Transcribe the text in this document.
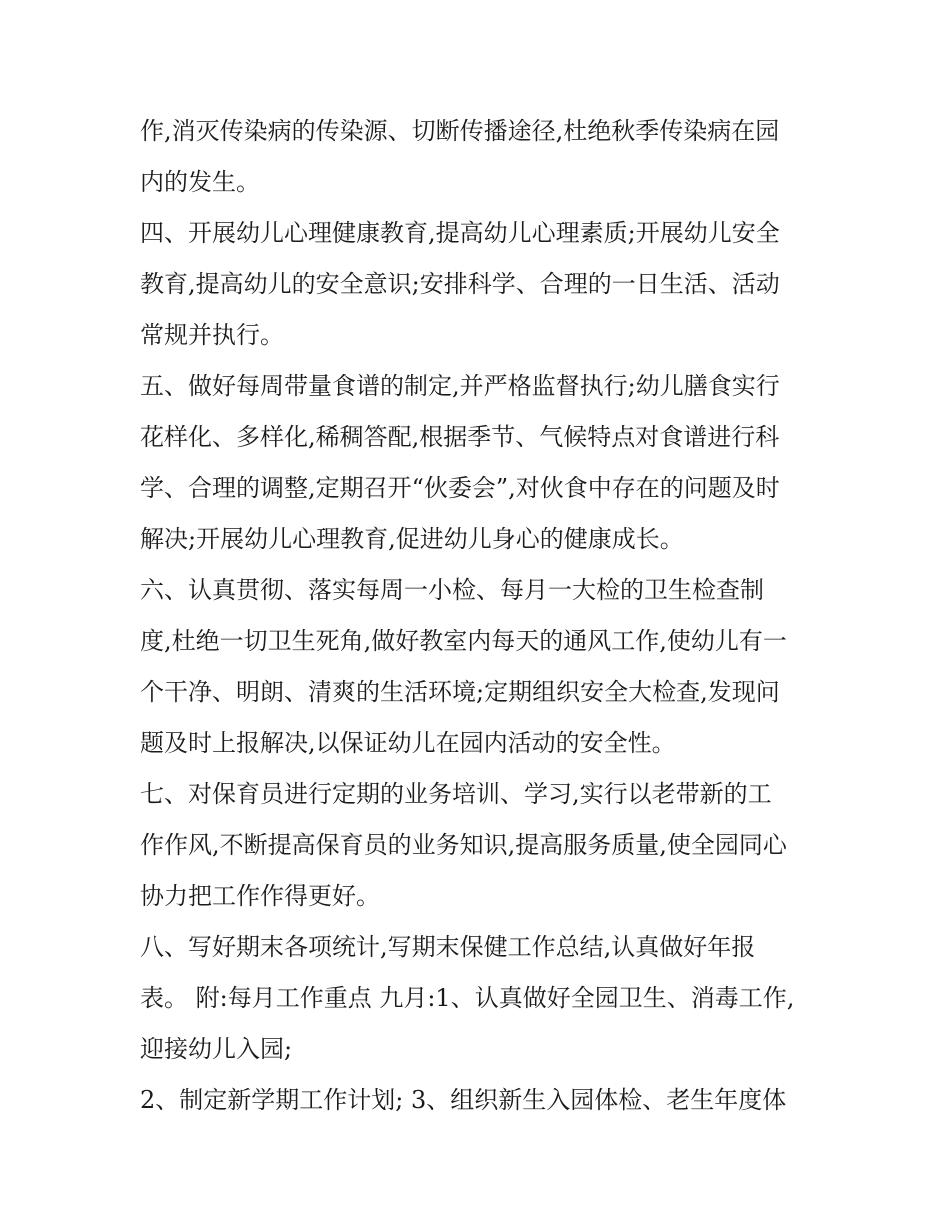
作,消灭传染病的传染源、切断传播途径,杜绝秋季传染病在园
内的发生。
四、开展幼儿心理健康教育,提高幼儿心理素质;开展幼儿安全
教育,提高幼儿的安全意识;安排科学、合理的一日生活、活动
常规并执行。
五、做好每周带量食谱的制定,并严格监督执行;幼儿膳食实行
花样化、多样化,稀稠答配,根据季节、气候特点对食谱进行科
学、合理的调整,定期召开“伙委会”,对伙食中存在的问题及时
解决;开展幼儿心理教育,促进幼儿身心的健康成长。
六、认真贯彻、落实每周一小检、每月一大检的卫生检查制
度,杜绝一切卫生死角,做好教室内每天的通风工作,使幼儿有一
个干净、明朗、清爽的生活环境;定期组织安全大检查,发现问
题及时上报解决,以保证幼儿在园内活动的安全性。
七、对保育员进行定期的业务培训、学习,实行以老带新的工
作作风,不断提高保育员的业务知识,提高服务质量,使全园同心
协力把工作作得更好。
八、写好期末各项统计,写期末保健工作总结,认真做好年报
表。 附:每月工作重点 九月:1、认真做好全园卫生、消毒工作,
迎接幼儿入园;
2、制定新学期工作计划; 3、组织新生入园体检、老生年度体
